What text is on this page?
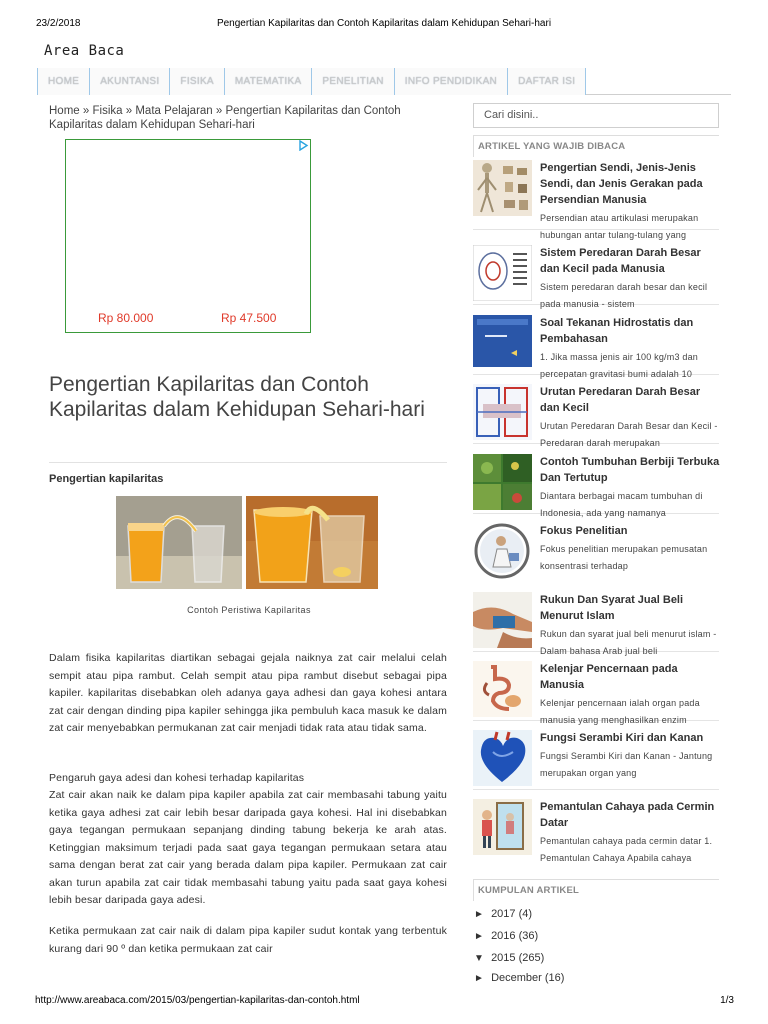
23/2/2018	Pengertian Kapilaritas dan Contoh Kapilaritas dalam Kehidupan Sehari-hari
Area Baca
HOME AKUNTANSI FISIKA MATEMATIKA PENELITIAN INFO PENDIDIKAN DAFTAR ISI
Home » Fisika » Mata Pelajaran » Pengertian Kapilaritas dan Contoh Kapilaritas dalam Kehidupan Sehari-hari
Rp 80.000	Rp 47.500
Pengertian Kapilaritas dan Contoh Kapilaritas dalam Kehidupan Sehari-hari
Pengertian kapilaritas
Contoh Peristiwa Kapilaritas
Dalam fisika kapilaritas diartikan sebagai gejala naiknya zat cair melalui celah sempit atau pipa rambut. Celah sempit atau pipa rambut disebut sebagai pipa kapiler. kapilaritas disebabkan oleh adanya gaya adhesi dan gaya kohesi antara zat cair dengan dinding pipa kapiler sehingga jika pembuluh kaca masuk ke dalam zat cair menyebabkan permukanan zat cair menjadi tidak rata atau tidak sama.
Pengaruh gaya adesi dan kohesi terhadap kapilaritas
Zat cair akan naik ke dalam pipa kapiler apabila zat cair membasahi tabung yaitu ketika gaya adhesi zat cair lebih besar daripada gaya kohesi. Hal ini disebabkan gaya tegangan permukaan sepanjang dinding tabung bekerja ke arah atas. Ketinggian maksimum terjadi pada saat gaya tegangan permukaan setara atau sama dengan berat zat cair yang berada dalam pipa kapiler. Permukaan zat cair akan turun apabila zat cair tidak membasahi tabung yaitu pada saat gaya kohesi lebih besar daripada gaya adesi.
Ketika permukaan zat cair naik di dalam pipa kapiler sudut kontak yang terbentuk kurang dari 90 º dan ketika permukaan zat cair
Cari disini..
ARTIKEL YANG WAJIB DIBACA
Pengertian Sendi, Jenis-Jenis Sendi, dan Jenis Gerakan pada Persendian Manusia
Persendian atau artikulasi merupakan hubungan antar tulang-tulang yang
Sistem Peredaran Darah Besar dan Kecil pada Manusia
Sistem peredaran darah besar dan kecil pada manusia - sistem
Soal Tekanan Hidrostatis dan Pembahasan
1. Jika massa jenis air 100 kg/m3 dan percepatan gravitasi bumi adalah 10
Urutan Peredaran Darah Besar dan Kecil
Urutan Peredaran Darah Besar dan Kecil - Peredaran darah merupakan
Contoh Tumbuhan Berbiji Terbuka Dan Tertutup
Diantara berbagai macam tumbuhan di Indonesia, ada yang namanya
Fokus Penelitian
Fokus penelitian merupakan pemusatan konsentrasi terhadap
Rukun Dan Syarat Jual Beli Menurut Islam
Rukun dan syarat jual beli menurut islam - Dalam bahasa Arab jual beli
Kelenjar Pencernaan pada Manusia
Kelenjar pencernaan ialah organ pada manusia yang menghasilkan enzim
Fungsi Serambi Kiri dan Kanan
Fungsi Serambi Kiri dan Kanan - Jantung merupakan organ yang
Pemantulan Cahaya pada Cermin Datar
Pemantulan cahaya pada cermin datar 1. Pemantulan Cahaya Apabila cahaya
KUMPULAN ARTIKEL
► 2017 (4)
► 2016 (36)
▼ 2015 (265)
► December (16)
http://www.areabaca.com/2015/03/pengertian-kapilaritas-dan-contoh.html	1/3
